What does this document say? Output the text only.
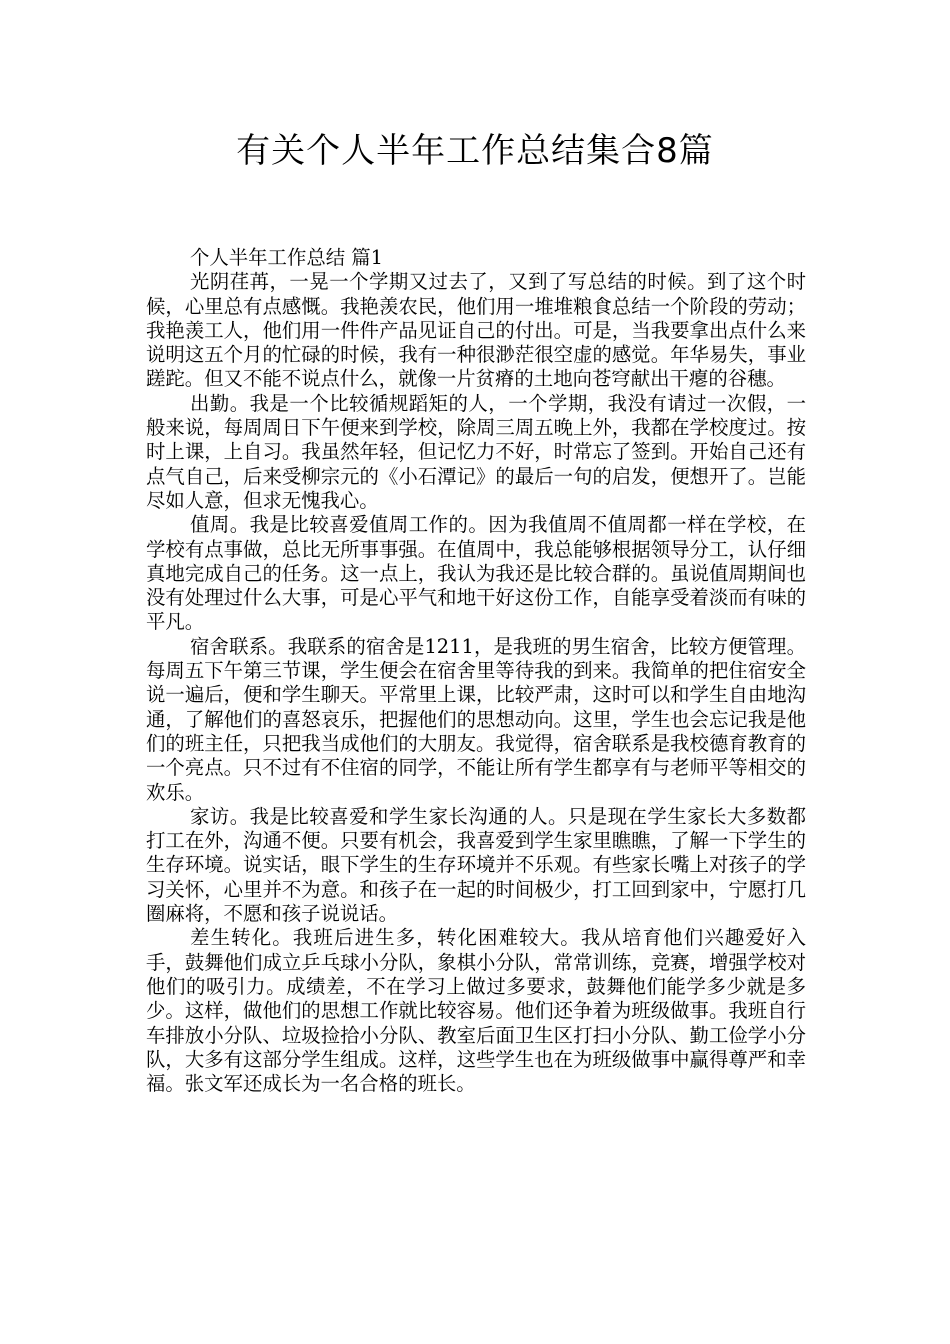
有关个人半年工作总结集合8篇

个人半年工作总结 篇1

光阴荏苒，一晃一个学期又过去了，又到了写总结的时候。到了这个时候，心里总有点感慨。我艳羡农民，他们用一堆堆粮食总结一个阶段的劳动；我艳羡工人，他们用一件件产品见证自己的付出。可是，当我要拿出点什么来说明这五个月的忙碌的时候，我有一种很渺茫很空虚的感觉。年华易失，事业蹉跎。但又不能不说点什么，就像一片贫瘠的土地向苍穹献出干瘪的谷穗。

出勤。我是一个比较循规蹈矩的人，一个学期，我没有请过一次假，一般来说，每周周日下午便来到学校，除周三周五晚上外，我都在学校度过。按时上课，上自习。我虽然年轻，但记忆力不好，时常忘了签到。开始自己还有点气自己，后来受柳宗元的《小石潭记》的最后一句的启发，便想开了。岂能尽如人意，但求无愧我心。

值周。我是比较喜爱值周工作的。因为我值周不值周都一样在学校，在学校有点事做，总比无所事事强。在值周中，我总能够根据领导分工，认仔细真地完成自己的任务。这一点上，我认为我还是比较合群的。虽说值周期间也没有处理过什么大事，可是心平气和地干好这份工作，自能享受着淡而有味的平凡。

宿舍联系。我联系的宿舍是1211，是我班的男生宿舍，比较方便管理。每周五下午第三节课，学生便会在宿舍里等待我的到来。我简单的把住宿安全说一遍后，便和学生聊天。平常里上课，比较严肃，这时可以和学生自由地沟通，了解他们的喜怒哀乐，把握他们的思想动向。这里，学生也会忘记我是他们的班主任，只把我当成他们的大朋友。我觉得，宿舍联系是我校德育教育的一个亮点。只不过有不住宿的同学，不能让所有学生都享有与老师平等相交的欢乐。

家访。我是比较喜爱和学生家长沟通的人。只是现在学生家长大多数都打工在外，沟通不便。只要有机会，我喜爱到学生家里瞧瞧，了解一下学生的生存环境。说实话，眼下学生的生存环境并不乐观。有些家长嘴上对孩子的学习关怀，心里并不为意。和孩子在一起的时间极少，打工回到家中，宁愿打几圈麻将，不愿和孩子说说话。

差生转化。我班后进生多，转化困难较大。我从培育他们兴趣爱好入手，鼓舞他们成立乒乓球小分队，象棋小分队，常常训练，竞赛，增强学校对他们的吸引力。成绩差，不在学习上做过多要求，鼓舞他们能学多少就是多少。这样，做他们的思想工作就比较容易。他们还争着为班级做事。我班自行车排放小分队、垃圾捡拾小分队、教室后面卫生区打扫小分队、勤工俭学小分队，大多有这部分学生组成。这样，这些学生也在为班级做事中赢得尊严和幸福。张文军还成长为一名合格的班长。
